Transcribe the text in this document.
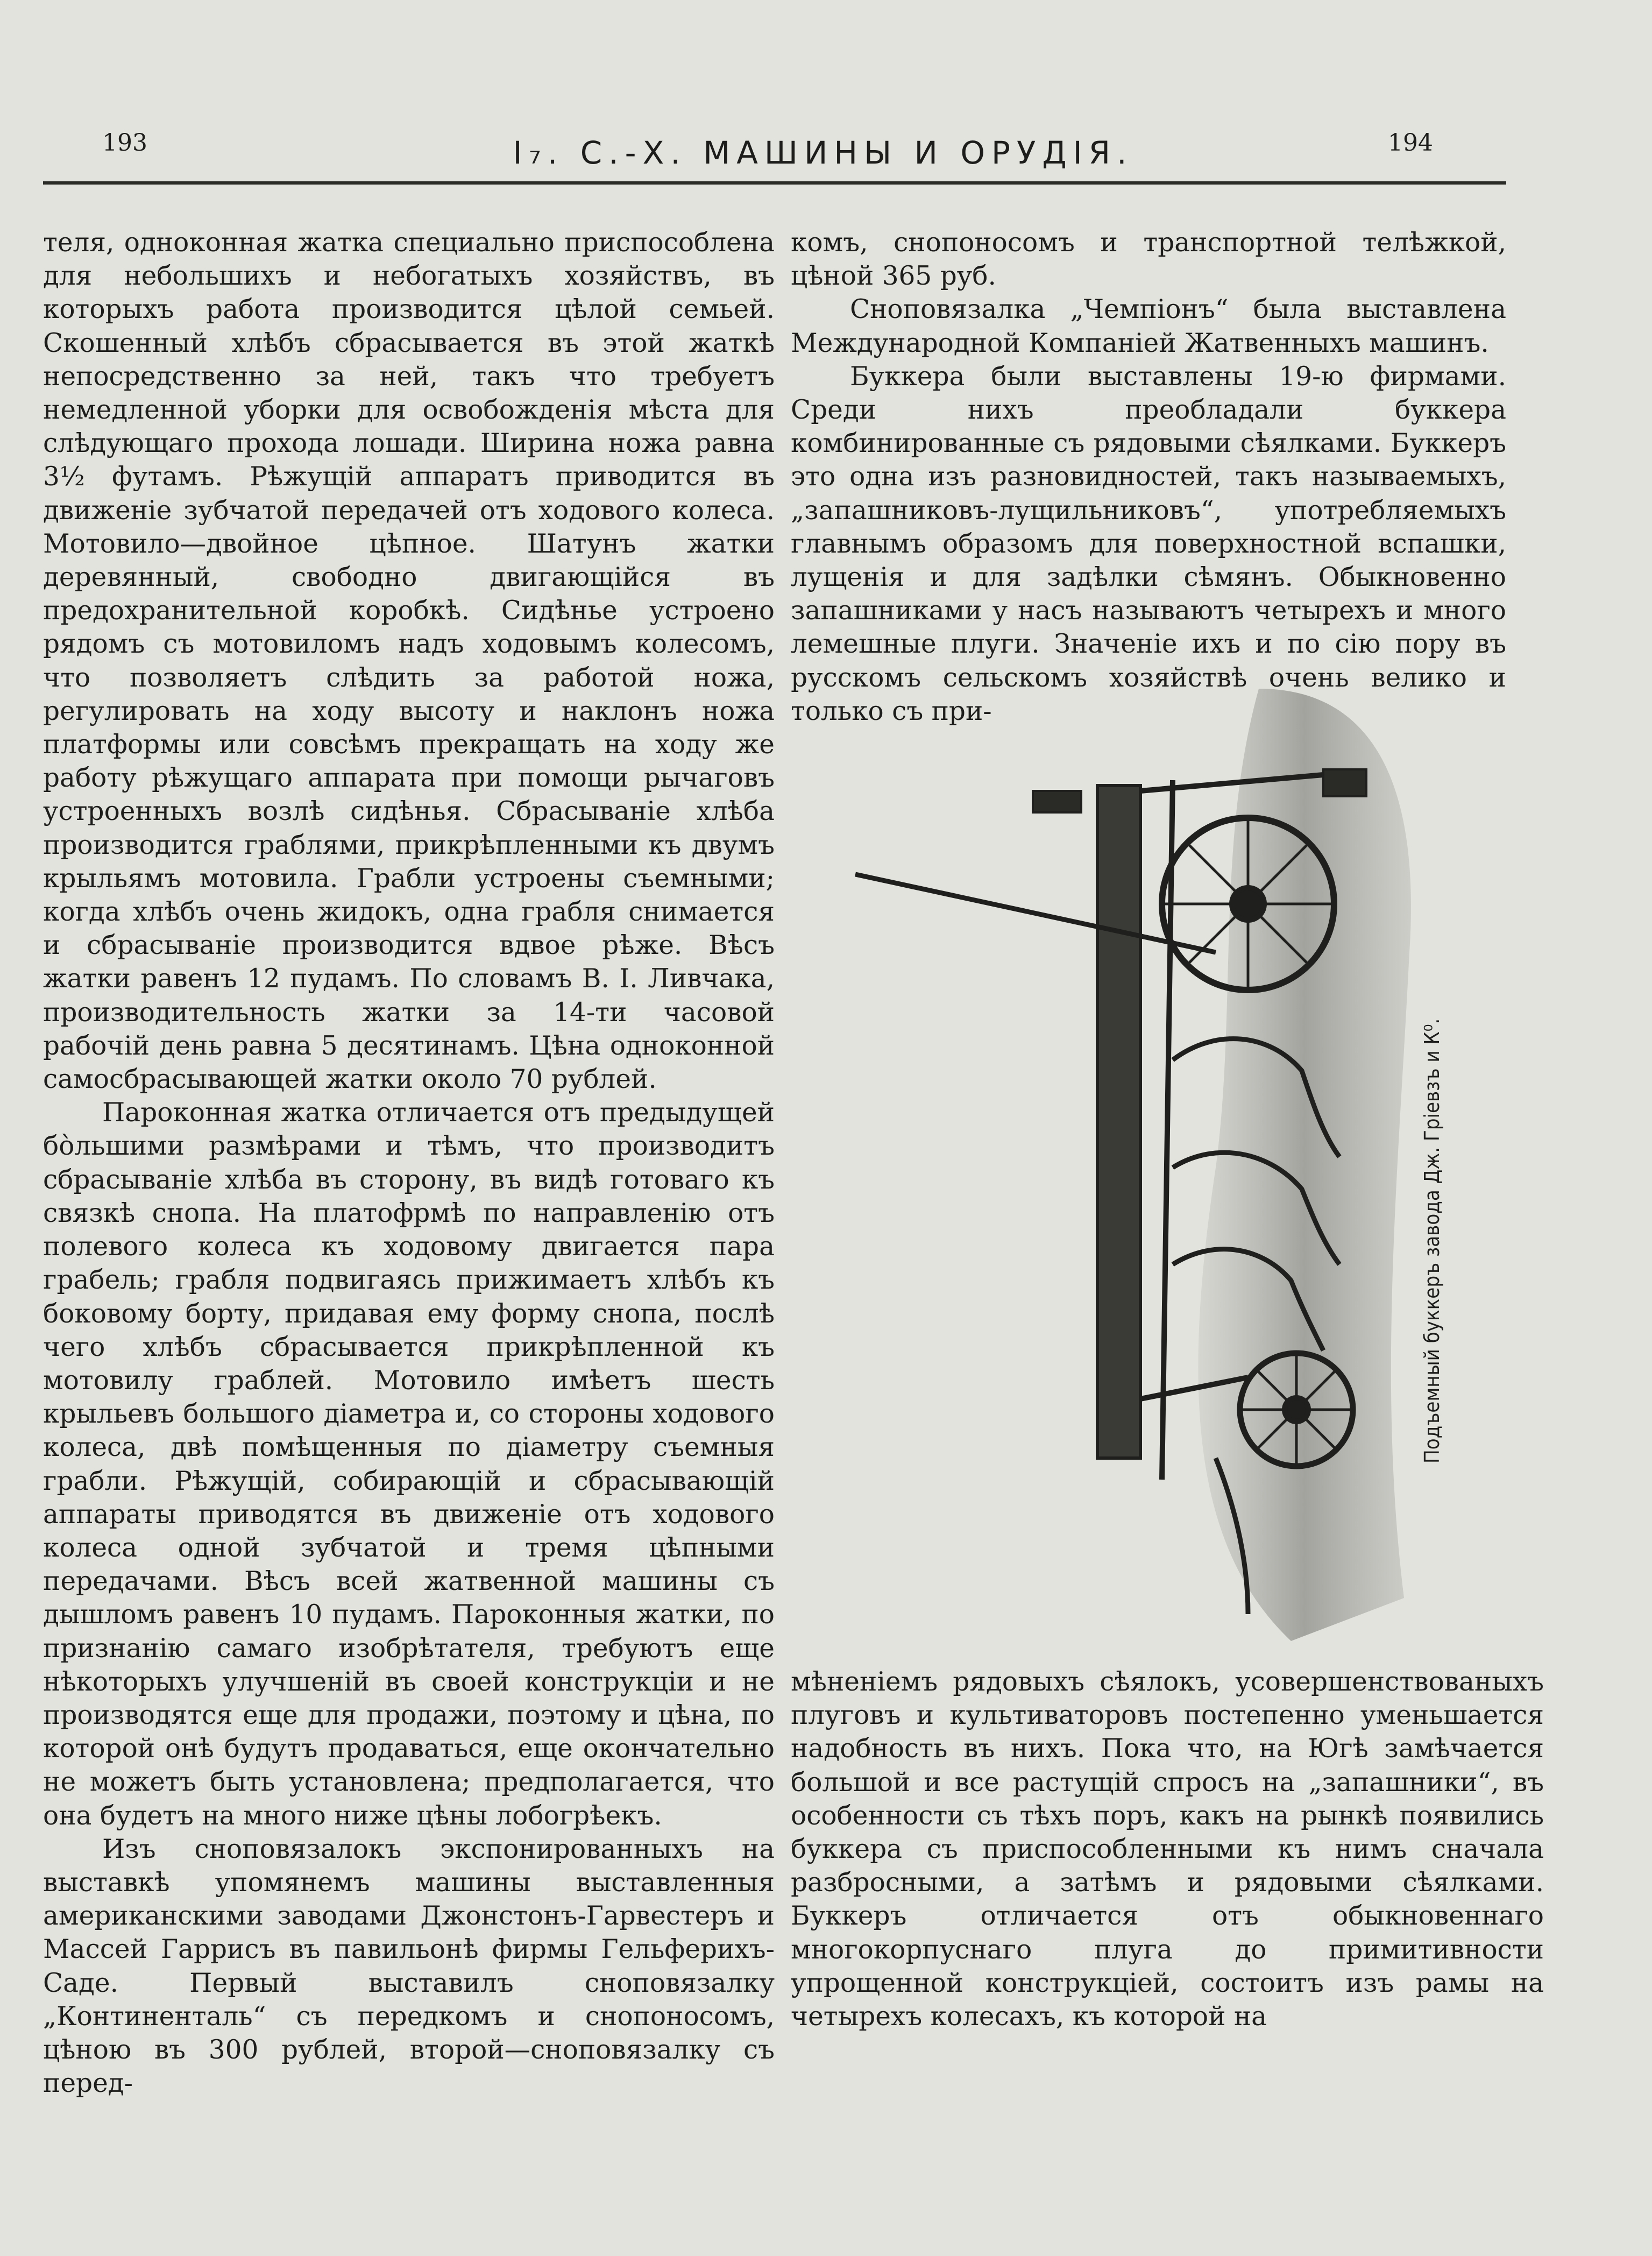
193	I₇. С.-Х. МАШИНЫ И ОРУДІЯ.	194

теля, одноконная жатка специально приспособлена для небольшихъ и небогатыхъ хозяйствъ, въ которыхъ работа производится цѣлой семьей. Скошенный хлѣбъ сбрасывается въ этой жаткѣ непосредственно за ней, такъ что требуетъ немедленной уборки для освобожденія мѣста для слѣдующаго прохода лошади. Ширина ножа равна 3½ футамъ. Рѣжущій аппаратъ приводится въ движеніе зубчатой передачей отъ ходового колеса. Мотовило—двойное цѣпное. Шатунъ жатки деревянный, свободно двигающійся въ предохранительной коробкѣ. Сидѣнье устроено рядомъ съ мотовиломъ надъ ходовымъ колесомъ, что позволяетъ слѣдить за работой ножа, регулировать на ходу высоту и наклонъ ножа платформы или совсѣмъ прекращать на ходу же работу рѣжущаго аппарата при помощи рычаговъ устроенныхъ возлѣ сидѣнья. Сбрасываніе хлѣба производится граблями, прикрѣпленными къ двумъ крыльямъ мотовила. Грабли устроены съемными; когда хлѣбъ очень жидокъ, одна грабля снимается и сбрасываніе производится вдвое рѣже. Вѣсъ жатки равенъ 12 пудамъ. По словамъ В. І. Ливчака, производительность жатки за 14-ти часовой рабочій день равна 5 десятинамъ. Цѣна одноконной самосбрасывающей жатки около 70 рублей.

Пароконная жатка отличается отъ предыдущей бо̀льшими размѣрами и тѣмъ, что производитъ сбрасываніе хлѣба въ сторону, въ видѣ готоваго къ связкѣ снопа. На платофрмѣ по направленію отъ полевого колеса къ ходовому двигается пара грабель; грабля подвигаясь прижимаетъ хлѣбъ къ боковому борту, придавая ему форму снопа, послѣ чего хлѣбъ сбрасывается прикрѣпленной къ мотовилу граблей. Мотовило имѣетъ шесть крыльевъ большого діаметра и, со стороны ходового колеса, двѣ помѣщенныя по діаметру съемныя грабли. Рѣжущій, собирающій и сбрасывающій аппараты приводятся въ движеніе отъ ходового колеса одной зубчатой и тремя цѣпными передачами. Вѣсъ всей жатвенной машины съ дышломъ равенъ 10 пудамъ. Пароконныя жатки, по признанію самаго изобрѣтателя, требуютъ еще нѣкоторыхъ улучшеній въ своей конструкціи и не производятся еще для продажи, поэтому и цѣна, по которой онѣ будутъ продаваться, еще окончательно не можетъ быть установлена; предполагается, что она будетъ на много ниже цѣны лобогрѣекъ.

Изъ сноповязалокъ экспонированныхъ на выставкѣ упомянемъ машины выставленныя американскими заводами Джонстонъ-Гарвестеръ и Массей Гаррисъ въ павильонѣ фирмы Гельферихъ-Саде. Первый выставилъ сноповязалку „Континенталь“ съ передкомъ и снопоносомъ, цѣною въ 300 рублей, второй—сноповязалку съ перед-

комъ, снопоносомъ и транспортной телѣжкой, цѣной 365 руб.

Сноповязалка „Чемпіонъ“ была выставлена Международной Компаніей Жатвенныхъ машинъ.

Буккера были выставлены 19-ю фирмами. Среди нихъ преобладали буккера комбинированные съ рядовыми сѣялками. Буккеръ это одна изъ разновидностей, такъ называемыхъ, „запашниковъ-лущильниковъ“, употребляемыхъ главнымъ образомъ для поверхностной вспашки, лущенія и для задѣлки сѣмянъ. Обыкновенно запашниками у насъ называютъ четырехъ и много лемешные плуги. Значеніе ихъ и по сію пору въ русскомъ сельскомъ хозяйствѣ очень велико и только съ при-

Подъемный буккеръ завода Дж. Гріевзъ и К⁰.

мѣненіемъ рядовыхъ сѣялокъ, усовершенствованыхъ плуговъ и культиваторовъ постепенно уменьшается надобность въ нихъ. Пока что, на Югѣ замѣчается большой и все растущій спросъ на „запашники“, въ особенности съ тѣхъ поръ, какъ на рынкѣ появились буккера съ приспособленными къ нимъ сначала разбросными, а затѣмъ и рядовыми сѣялками. Буккеръ отличается отъ обыкновеннаго многокорпуснаго плуга до примитивности упрощенной конструкціей, состоитъ изъ рамы на четырехъ колесахъ, къ которой на
